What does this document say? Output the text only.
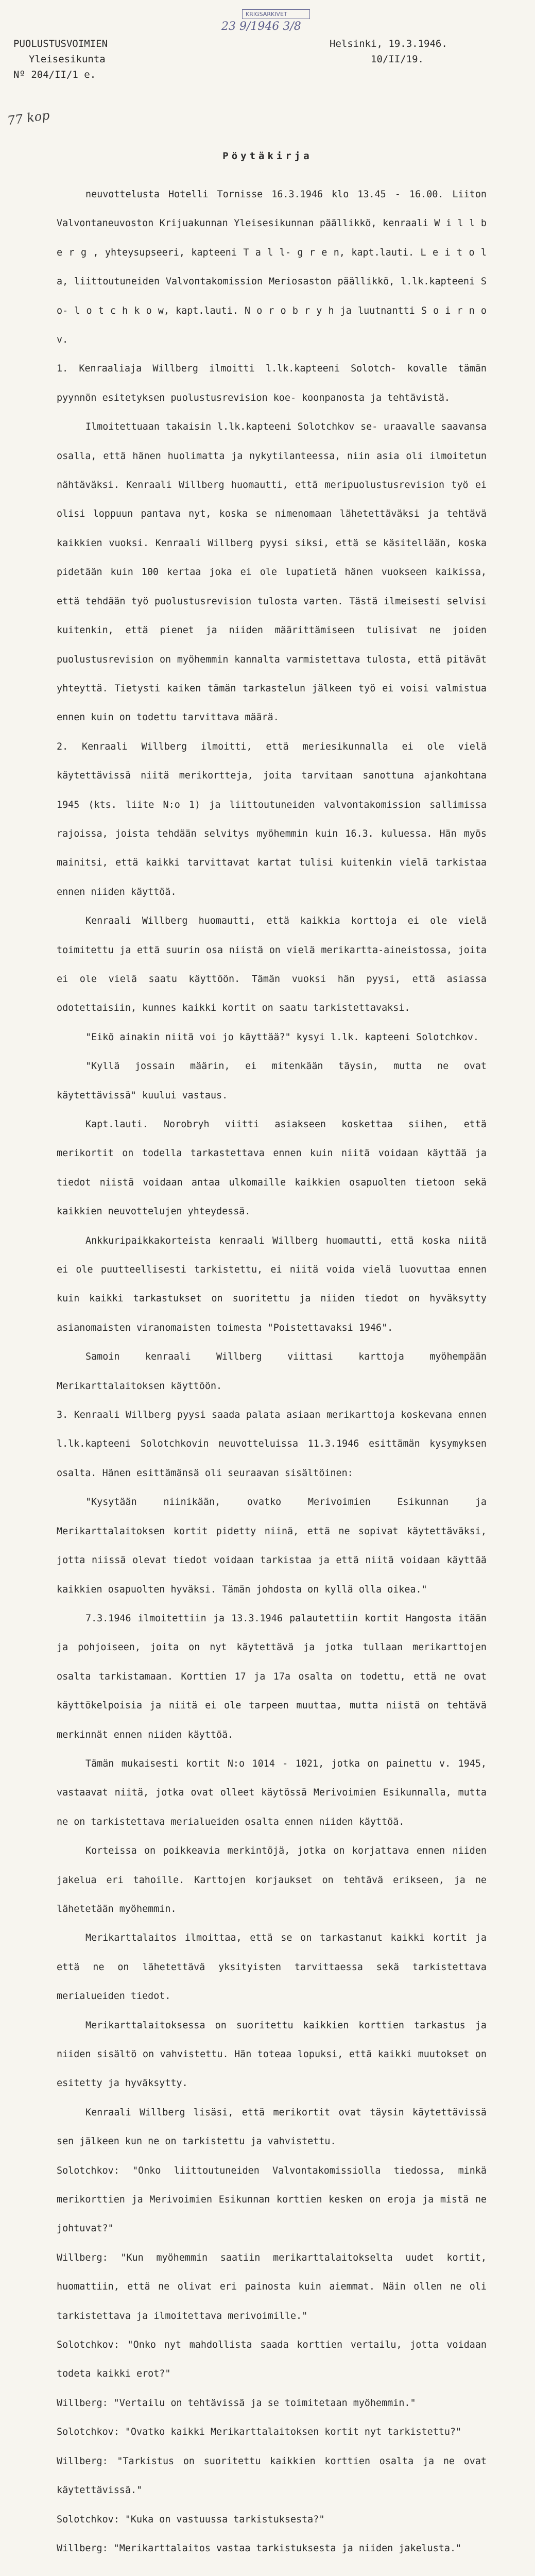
KRIGSARKIVET
23 9/1946 3/8
PUOLUSTUSVOIMIEN
Yleisesikunta
Nº 204/II/1 e.
Helsinki, 19.3.1946.
10/II/19.
77 kop
Pöytäkirja

neuvottelusta Hotelli Tornisse 16.3.1946 klo 13.45 - 16.00. Liiton Valvontaneuvoston Krijuakunnan Yleisesikunnan päällikkö, kenraali W i l l b e r g , yhteysupseeri, kapteeni T a l l- g r e n, kapt.lauti. L e i t o l a, liittoutuneiden Valvontakomission Meriosaston päällikkö, l.lk.kapteeni S o- l o t c h k o w, kapt.lauti. N o r o b r y h ja luutnantti S o i r n o v.

1. Kenraaliaja Willberg ilmoitti l.lk.kapteeni Solotch- kovalle tämän pyynnön esitetyksen puolustusrevision koe- koonpanosta ja tehtävistä.

Ilmoitettuaan takaisin l.lk.kapteeni Solotchkov se- uraavalle saavansa osalla, että hänen huolimatta ja nykytilanteessa, niin asia oli ilmoitetun nähtäväksi. Kenraali Willberg huomautti, että meripuolustusrevision työ ei olisi loppuun pantava nyt, koska se nimenomaan lähetettäväksi ja tehtävä kaikkien vuoksi. Kenraali Willberg pyysi siksi, että se käsitellään, koska pidetään kuin 100 kertaa joka ei ole lupatietä hänen vuokseen kaikissa, että tehdään työ puolustusrevision tulosta varten. Tästä ilmeisesti selvisi kuitenkin, että pienet ja niiden määrittämiseen tulisivat ne joiden puolustusrevision on myöhemmin kannalta varmistettava tulosta, että pitävät yhteyttä. Tietysti kaiken tämän tarkastelun jälkeen työ ei voisi valmistua ennen kuin on todettu tarvittava määrä.

2. Kenraali Willberg ilmoitti, että meriesikunnalla ei ole vielä käytettävissä niitä merikortteja, joita tarvitaan sanottuna ajankohtana 1945 (kts. liite N:o 1) ja liittoutuneiden valvontakomission sallimissa rajoissa, joista tehdään selvitys myöhemmin kuin 16.3. kuluessa. Hän myös mainitsi, että kaikki tarvittavat kartat tulisi kuitenkin vielä tarkistaa ennen niiden käyttöä.

Kenraali Willberg huomautti, että kaikkia korttoja ei ole vielä toimitettu ja että suurin osa niistä on vielä merikartta-aineistossa, joita ei ole vielä saatu käyttöön. Tämän vuoksi hän pyysi, että asiassa odotettaisiin, kunnes kaikki kortit on saatu tarkistettavaksi.

"Eikö ainakin niitä voi jo käyttää?" kysyi l.lk. kapteeni Solotchkov.

"Kyllä jossain määrin, ei mitenkään täysin, mutta ne ovat käytettävissä" kuului vastaus.

Kapt.lauti. Norobryh viitti asiakseen koskettaa siihen, että merikortit on todella tarkastettava ennen kuin niitä voidaan käyttää ja tiedot niistä voidaan antaa ulkomaille kaikkien osapuolten tietoon sekä kaikkien neuvottelujen yhteydessä.

Ankkuripaikkakorteista kenraali Willberg huomautti, että koska niitä ei ole puutteellisesti tarkistettu, ei niitä voida vielä luovuttaa ennen kuin kaikki tarkastukset on suoritettu ja niiden tiedot on hyväksytty asianomaisten viranomaisten toimesta "Poistettavaksi 1946".

Samoin kenraali Willberg viittasi karttoja myöhempään Merikarttalaitoksen käyttöön.

3. Kenraali Willberg pyysi saada palata asiaan merikarttoja koskevana ennen l.lk.kapteeni Solotchkovin neuvotteluissa 11.3.1946 esittämän kysymyksen osalta. Hänen esittämänsä oli seuraavan sisältöinen:

"Kysytään niinikään, ovatko Merivoimien Esikunnan ja Merikarttalaitoksen kortit pidetty niinä, että ne sopivat käytettäväksi, jotta niissä olevat tiedot voidaan tarkistaa ja että niitä voidaan käyttää kaikkien osapuolten hyväksi. Tämän johdosta on kyllä olla oikea."

7.3.1946 ilmoitettiin ja 13.3.1946 palautettiin kortit Hangosta itään ja pohjoiseen, joita on nyt käytettävä ja jotka tullaan merikarttojen osalta tarkistamaan. Korttien 17 ja 17a osalta on todettu, että ne ovat käyttökelpoisia ja niitä ei ole tarpeen muuttaa, mutta niistä on tehtävä merkinnät ennen niiden käyttöä.

Tämän mukaisesti kortit N:o 1014 - 1021, jotka on painettu v. 1945, vastaavat niitä, jotka ovat olleet käytössä Merivoimien Esikunnalla, mutta ne on tarkistettava merialueiden osalta ennen niiden käyttöä.

Korteissa on poikkeavia merkintöjä, jotka on korjattava ennen niiden jakelua eri tahoille. Karttojen korjaukset on tehtävä erikseen, ja ne lähetetään myöhemmin.

Merikarttalaitos ilmoittaa, että se on tarkastanut kaikki kortit ja että ne on lähetettävä yksityisten tarvittaessa sekä tarkistettava merialueiden tiedot.

Merikarttalaitoksessa on suoritettu kaikkien korttien tarkastus ja niiden sisältö on vahvistettu. Hän toteaa lopuksi, että kaikki muutokset on esitetty ja hyväksytty.

Kenraali Willberg lisäsi, että merikortit ovat täysin käytettävissä sen jälkeen kun ne on tarkistettu ja vahvistettu.

Solotchkov: "Onko liittoutuneiden Valvontakomissiolla tiedossa, minkä merikorttien ja Merivoimien Esikunnan korttien kesken on eroja ja mistä ne johtuvat?"

Willberg: "Kun myöhemmin saatiin merikarttalaitokselta uudet kortit, huomattiin, että ne olivat eri painosta kuin aiemmat. Näin ollen ne oli tarkistettava ja ilmoitettava merivoimille."

Solotchkov: "Onko nyt mahdollista saada korttien vertailu, jotta voidaan todeta kaikki erot?"

Willberg: "Vertailu on tehtävissä ja se toimitetaan myöhemmin."

Solotchkov: "Ovatko kaikki Merikarttalaitoksen kortit nyt tarkistettu?"

Willberg: "Tarkistus on suoritettu kaikkien korttien osalta ja ne ovat käytettävissä."

Solotchkov: "Kuka on vastuussa tarkistuksesta?"

Willberg: "Merikarttalaitos vastaa tarkistuksesta ja niiden jakelusta."
